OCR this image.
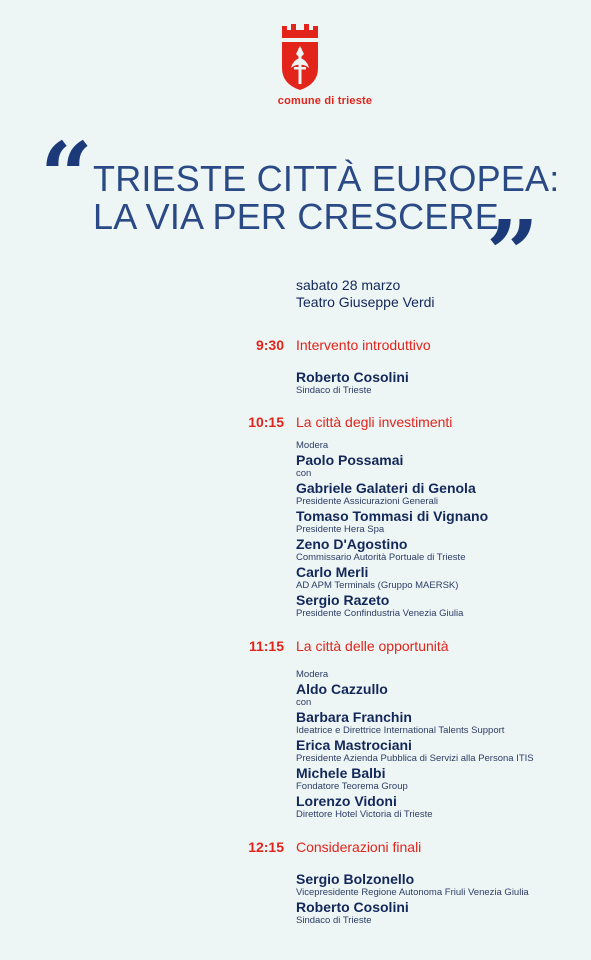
comune di trieste
“ TRIESTE CITTÀ EUROPEA:
LA VIA PER CRESCERE
”
sabato 28 marzo
Teatro Giuseppe Verdi
9:30 Intervento introduttivo
Roberto Cosolini
Sindaco di Trieste
10:15 La città degli investimenti
Modera
Paolo Possamai
con
Gabriele Galateri di Genola
Presidente Assicurazioni Generali
Tomaso Tommasi di Vignano
Presidente Hera Spa
Zeno D'Agostino
Commissario Autorità Portuale di Trieste
Carlo Merli
AD APM Terminals (Gruppo MAERSK)
Sergio Razeto
Presidente Confindustria Venezia Giulia
11:15 La città delle opportunità
Modera
Aldo Cazzullo
con
Barbara Franchin
Ideatrice e Direttrice International Talents Support
Erica Mastrociani
Presidente Azienda Pubblica di Servizi alla Persona ITIS
Michele Balbi
Fondatore Teorema Group
Lorenzo Vidoni
Direttore Hotel Victoria di Trieste
12:15 Considerazioni finali
Sergio Bolzonello
Vicepresidente Regione Autonoma Friuli Venezia Giulia
Roberto Cosolini
Sindaco di Trieste
